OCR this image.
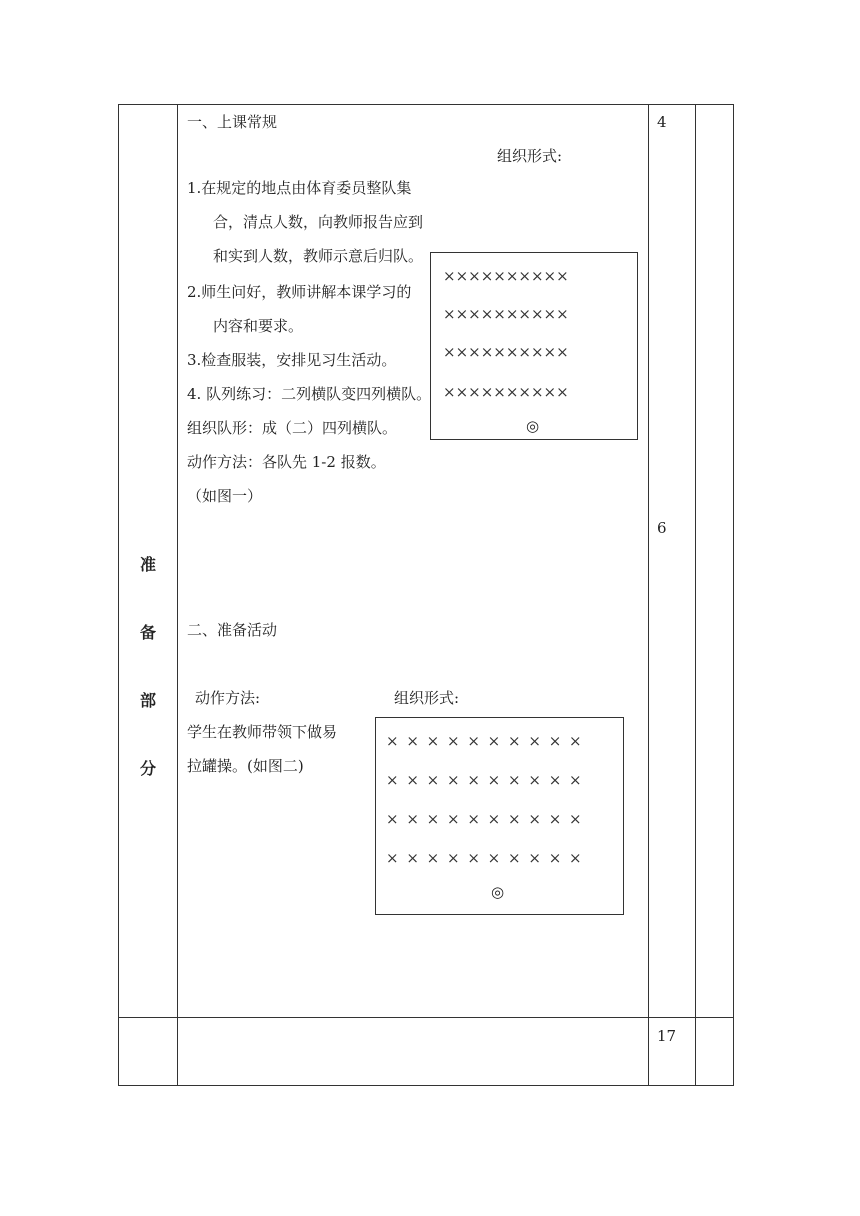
准
备
部
分
一、上课常规
组织形式:
××××××××××
××××××××××
××××××××××
××××××××××
◎
1.在规定的地点由体育委员整队集
合，清点人数，向教师报告应到
和实到人数，教师示意后归队。
2.师生问好，教师讲解本课学习的
内容和要求。
3.检查服装，安排见习生活动。
4. 队列练习：二列横队变四列横队。
组织队形：成（二）四列横队。
动作方法：各队先 1-2 报数。
（如图一）
二、准备活动
动作方法:	组织形式:
学生在教师带领下做易
拉罐操。(如图二)
× × × × × × × × × ×
× × × × × × × × × ×
× × × × × × × × × ×
× × × × × × × × × ×
◎
4
6
17
